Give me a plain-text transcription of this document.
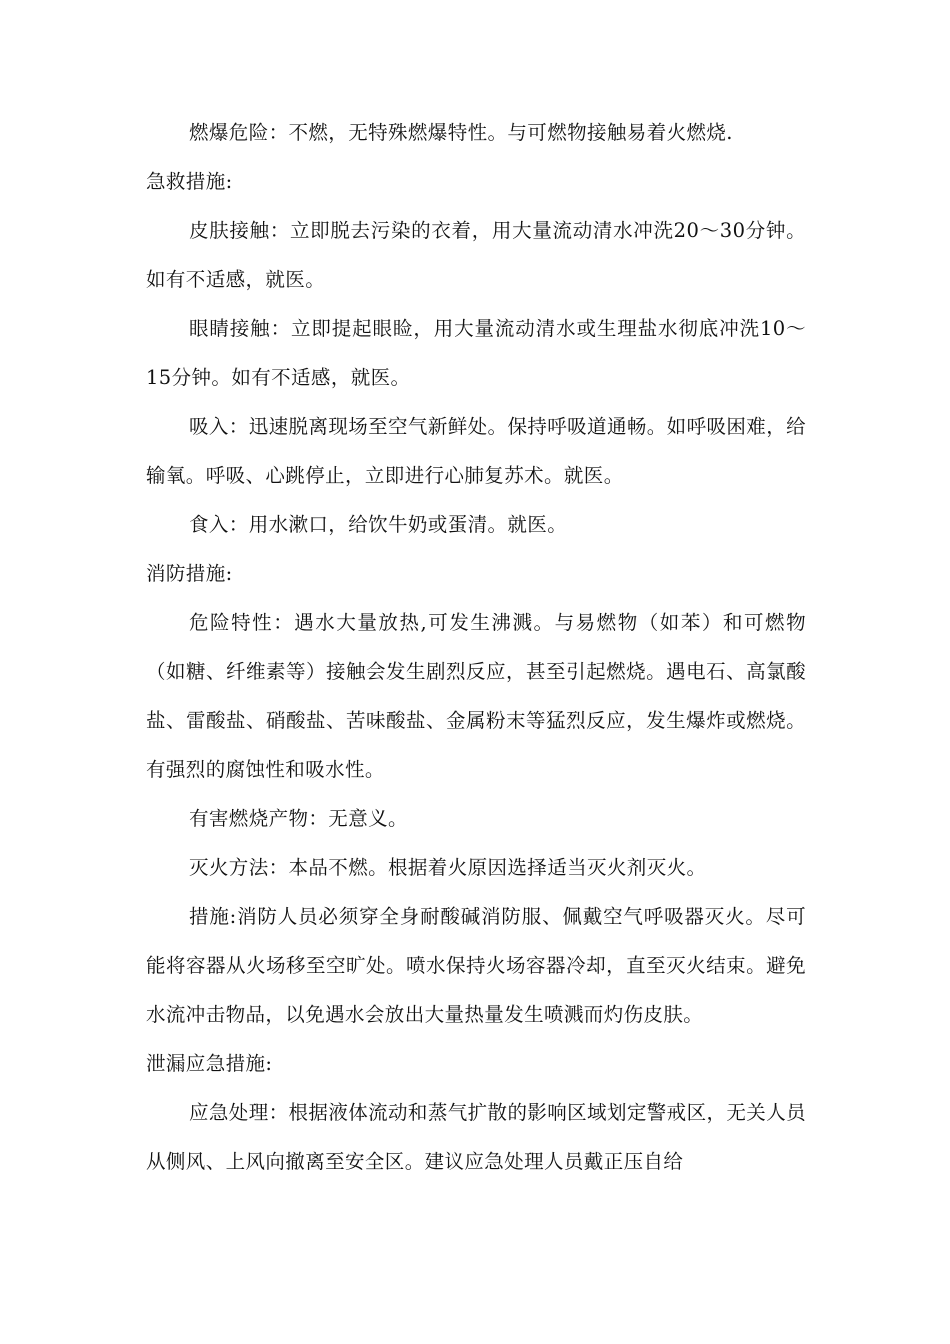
燃爆危险：不燃，无特殊燃爆特性。与可燃物接触易着火燃烧.

急救措施:

皮肤接触：立即脱去污染的衣着，用大量流动清水冲洗20～30分钟。如有不适感，就医。

眼睛接触：立即提起眼睑，用大量流动清水或生理盐水彻底冲洗10～15分钟。如有不适感，就医。

吸入：迅速脱离现场至空气新鲜处。保持呼吸道通畅。如呼吸困难，给输氧。呼吸、心跳停止，立即进行心肺复苏术。就医。

食入：用水漱口，给饮牛奶或蛋清。就医。

消防措施:

危险特性：遇水大量放热,可发生沸溅。与易燃物（如苯）和可燃物（如糖、纤维素等）接触会发生剧烈反应，甚至引起燃烧。遇电石、高氯酸盐、雷酸盐、硝酸盐、苦味酸盐、金属粉末等猛烈反应，发生爆炸或燃烧。有强烈的腐蚀性和吸水性。

有害燃烧产物：无意义。

灭火方法：本品不燃。根据着火原因选择适当灭火剂灭火。

措施:消防人员必须穿全身耐酸碱消防服、佩戴空气呼吸器灭火。尽可能将容器从火场移至空旷处。喷水保持火场容器冷却，直至灭火结束。避免水流冲击物品，以免遇水会放出大量热量发生喷溅而灼伤皮肤。

泄漏应急措施:

应急处理：根据液体流动和蒸气扩散的影响区域划定警戒区，无关人员从侧风、上风向撤离至安全区。建议应急处理人员戴正压自给
